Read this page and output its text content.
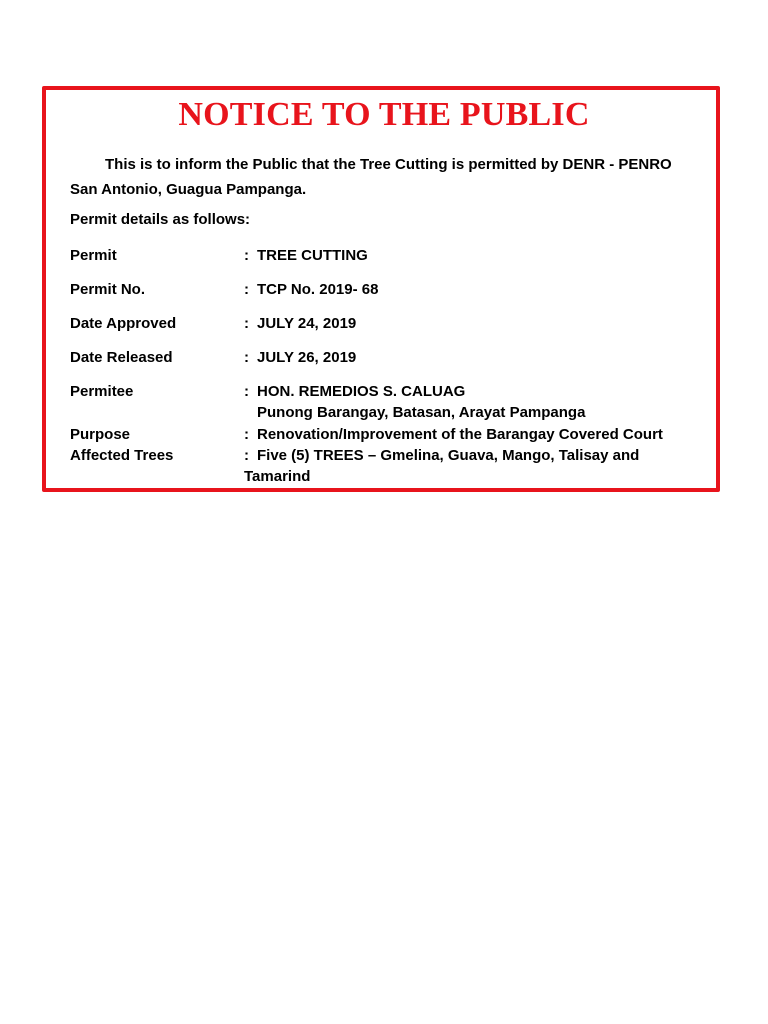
NOTICE TO THE PUBLIC

This is to inform the Public that the Tree Cutting is permitted by DENR - PENRO
San Antonio, Guagua Pampanga.

Permit details as follows:

Permit	: TREE CUTTING
Permit No.	: TCP No. 2019- 68
Date Approved	: JULY 24, 2019
Date Released	: JULY 26, 2019
Permitee	: HON. REMEDIOS S. CALUAG
Punong Barangay, Batasan, Arayat Pampanga
Purpose	: Renovation/Improvement of the Barangay Covered Court
Affected Trees	: Five (5) TREES – Gmelina, Guava, Mango, Talisay and
Tamarind
